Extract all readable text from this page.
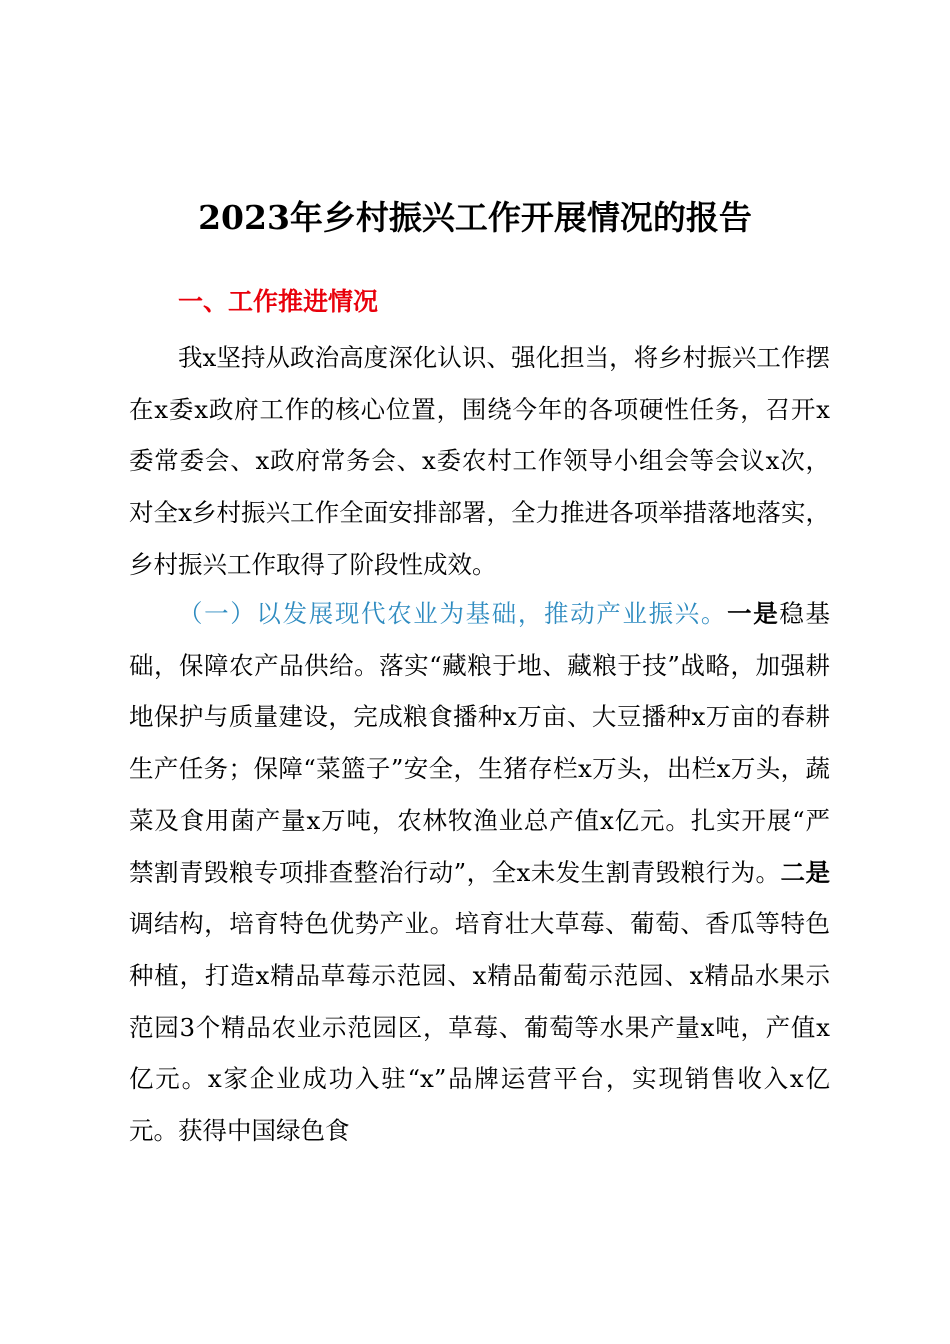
2023年乡村振兴工作开展情况的报告
一、工作推进情况

我x坚持从政治高度深化认识、强化担当，将乡村振兴工作摆在x委x政府工作的核心位置，围绕今年的各项硬性任务，召开x委常委会、x政府常务会、x委农村工作领导小组会等会议x次，对全x乡村振兴工作全面安排部署，全力推进各项举措落地落实，乡村振兴工作取得了阶段性成效。

（一）以发展现代农业为基础，推动产业振兴。一是稳基础，保障农产品供给。落实“藏粮于地、藏粮于技”战略，加强耕地保护与质量建设，完成粮食播种x万亩、大豆播种x万亩的春耕生产任务；保障“菜篮子”安全，生猪存栏x万头，出栏x万头，蔬菜及食用菌产量x万吨，农林牧渔业总产值x亿元。扎实开展“严禁割青毁粮专项排查整治行动”，全x未发生割青毁粮行为。二是调结构，培育特色优势产业。培育壮大草莓、葡萄、香瓜等特色种植，打造x精品草莓示范园、x精品葡萄示范园、x精品水果示范园3个精品农业示范园区，草莓、葡萄等水果产量x吨，产值x亿元。x家企业成功入驻“x”品牌运营平台，实现销售收入x亿元。获得中国绿色食
